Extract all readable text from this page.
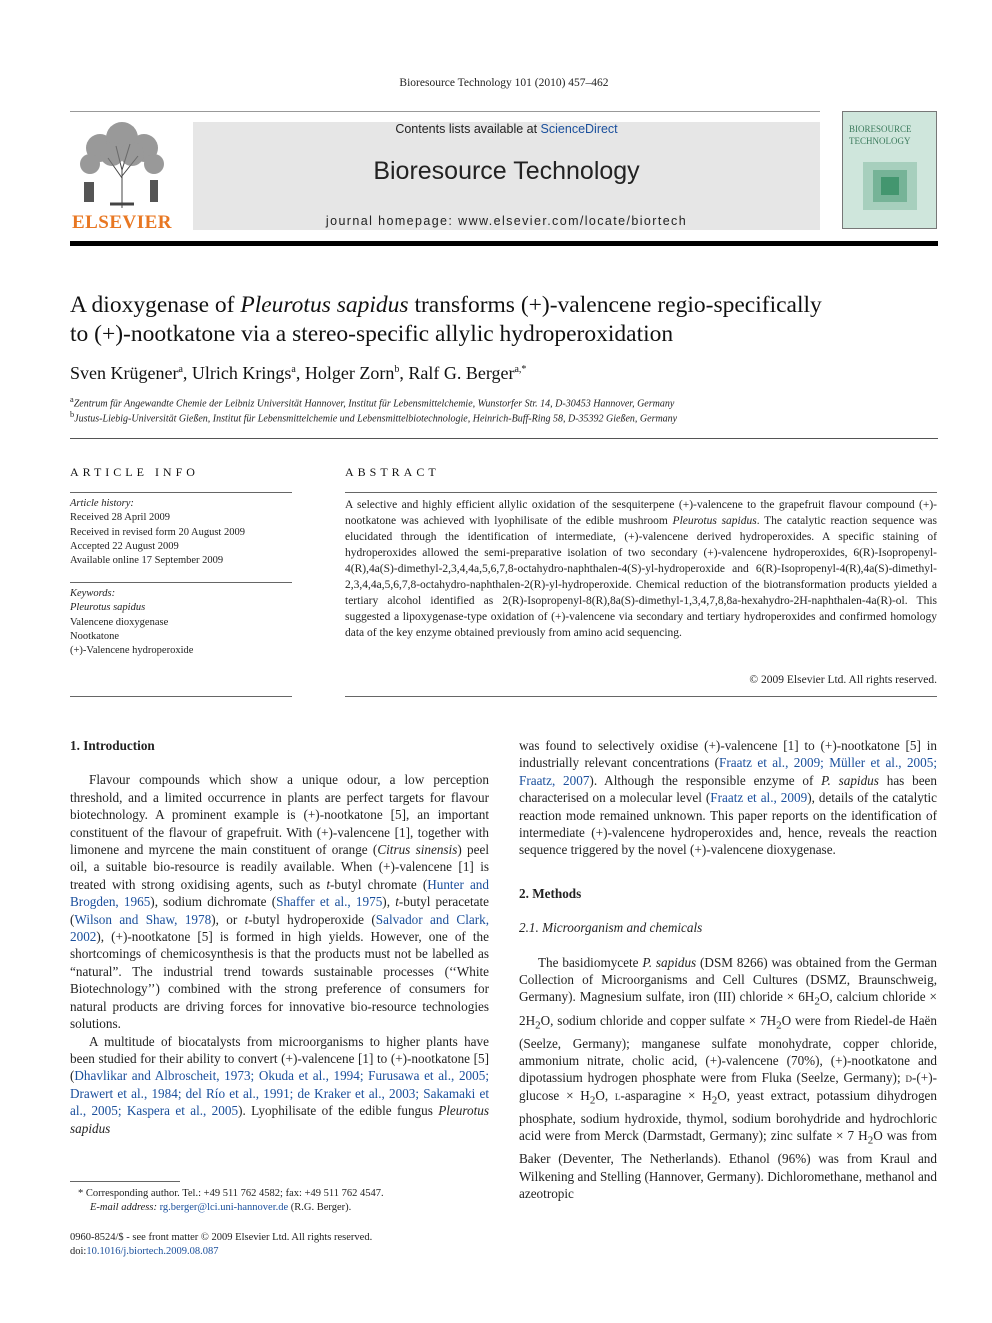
Bioresource Technology 101 (2010) 457–462
ELSEVIER
Contents lists available at ScienceDirect
Bioresource Technology
journal homepage: www.elsevier.com/locate/biortech
BIORESOURCE
TECHNOLOGY
A dioxygenase of Pleurotus sapidus transforms (+)-valencene regio-specifically
to (+)-nootkatone via a stereo-specific allylic hydroperoxidation
Sven Krügener$^a$, Ulrich Krings$^a$, Holger Zorn$^b$, Ralf G. Berger$^{a,*}$
$^a$Zentrum für Angewandte Chemie der Leibniz Universität Hannover, Institut für Lebensmittelchemie, Wunstorfer Str. 14, D-30453 Hannover, Germany
$^b$Justus-Liebig-Universität Gießen, Institut für Lebensmittelchemie und Lebensmittelbiotechnologie, Heinrich-Buff-Ring 58, D-35392 Gießen, Germany
ARTICLE INFO
Article history:
Received 28 April 2009
Received in revised form 20 August 2009
Accepted 22 August 2009
Available online 17 September 2009
Keywords:
Pleurotus sapidus
Valencene dioxygenase
Nootkatone
(+)-Valencene hydroperoxide
ABSTRACT
A selective and highly efficient allylic oxidation of the sesquiterpene (+)-valencene to the grapefruit flavour compound (+)-nootkatone was achieved with lyophilisate of the edible mushroom Pleurotus sapidus. The catalytic reaction sequence was elucidated through the identification of intermediate, (+)-valencene derived hydroperoxides. A specific staining of hydroperoxides allowed the semi-preparative isolation of two secondary (+)-valencene hydroperoxides, 6(R)-Isopropenyl-4(R),4a(S)-dimethyl-2,3,4,4a,5,6,7,8-octahydro-naphthalen-4(S)-yl-hydroperoxide and 6(R)-Isopropenyl-4(R),4a(S)-dimethyl-2,3,4,4a,5,6,7,8-octahydro-naphthalen-2(R)-yl-hydroperoxide. Chemical reduction of the biotransformation products yielded a tertiary alcohol identified as 2(R)-Isopropenyl-8(R),8a(S)-dimethyl-1,3,4,7,8,8a-hexahydro-2H-naphthalen-4a(R)-ol. This suggested a lipoxygenase-type oxidation of (+)-valencene via secondary and tertiary hydroperoxides and confirmed homology data of the key enzyme obtained previously from amino acid sequencing.
© 2009 Elsevier Ltd. All rights reserved.

1. Introduction

Flavour compounds which show a unique odour, a low perception threshold, and a limited occurrence in plants are perfect targets for flavour biotechnology. A prominent example is (+)-nootkatone [5], an important constituent of the flavour of grapefruit. With (+)-valencene [1], together with limonene and myrcene the main constituent of orange (Citrus sinensis) peel oil, a suitable bio-resource is readily available. When (+)-valencene [1] is treated with strong oxidising agents, such as t-butyl chromate (Hunter and Brogden, 1965), sodium dichromate (Shaffer et al., 1975), t-butyl peracetate (Wilson and Shaw, 1978), or t-butyl hydroperoxide (Salvador and Clark, 2002), (+)-nootkatone [5] is formed in high yields. However, one of the shortcomings of chemicosynthesis is that the products must not be labelled as “natural”. The industrial trend towards sustainable processes (‘‘White Biotechnology’’) combined with the strong preference of consumers for natural products are driving forces for innovative bio-resource technologies solutions.

A multitude of biocatalysts from microorganisms to higher plants have been studied for their ability to convert (+)-valencene [1] to (+)-nootkatone [5] (Dhavlikar and Albroscheit, 1973; Okuda et al., 1994; Furusawa et al., 2005; Drawert et al., 1984; del Río et al., 1991; de Kraker et al., 2003; Sakamaki et al., 2005; Kaspera et al., 2005). Lyophilisate of the edible fungus Pleurotus sapidus

* Corresponding author. Tel.: +49 511 762 4582; fax: +49 511 762 4547.
E-mail address: rg.berger@lci.uni-hannover.de (R.G. Berger).
0960-8524/$ - see front matter © 2009 Elsevier Ltd. All rights reserved.
doi:10.1016/j.biortech.2009.08.087

was found to selectively oxidise (+)-valencene [1] to (+)-nootkatone [5] in industrially relevant concentrations (Fraatz et al., 2009; Müller et al., 2005; Fraatz, 2007). Although the responsible enzyme of P. sapidus has been characterised on a molecular level (Fraatz et al., 2009), details of the catalytic reaction mode remained unknown. This paper reports on the identification of intermediate (+)-valencene hydroperoxides and, hence, reveals the reaction sequence triggered by the novel (+)-valencene dioxygenase.

2. Methods

2.1. Microorganism and chemicals

The basidiomycete P. sapidus (DSM 8266) was obtained from the German Collection of Microorganisms and Cell Cultures (DSMZ, Braunschweig, Germany). Magnesium sulfate, iron (III) chloride × $6H_2O$, calcium chloride × $2H_2O$, sodium chloride and copper sulfate × $7H_2O$ were from Riedel-de Haën (Seelze, Germany); manganese sulfate monohydrate, copper chloride, ammonium nitrate, cholic acid, (+)-valencene (70%), (+)-nootkatone and dipotassium hydrogen phosphate were from Fluka (Seelze, Germany); $d-(+)-glucose \times H_2O$, l-asparagine × $H_2O$, yeast extract, potassium dihydrogen phosphate, sodium hydroxide, thymol, sodium borohydride and hydrochloric acid were from Merck (Darmstadt, Germany); zinc sulfate × 7 $H_2O$ was from Baker (Deventer, The Netherlands). Ethanol (96%) was from Kraul and Wilkening and Stelling (Hannover, Germany). Dichloromethane, methanol and azeotropic
